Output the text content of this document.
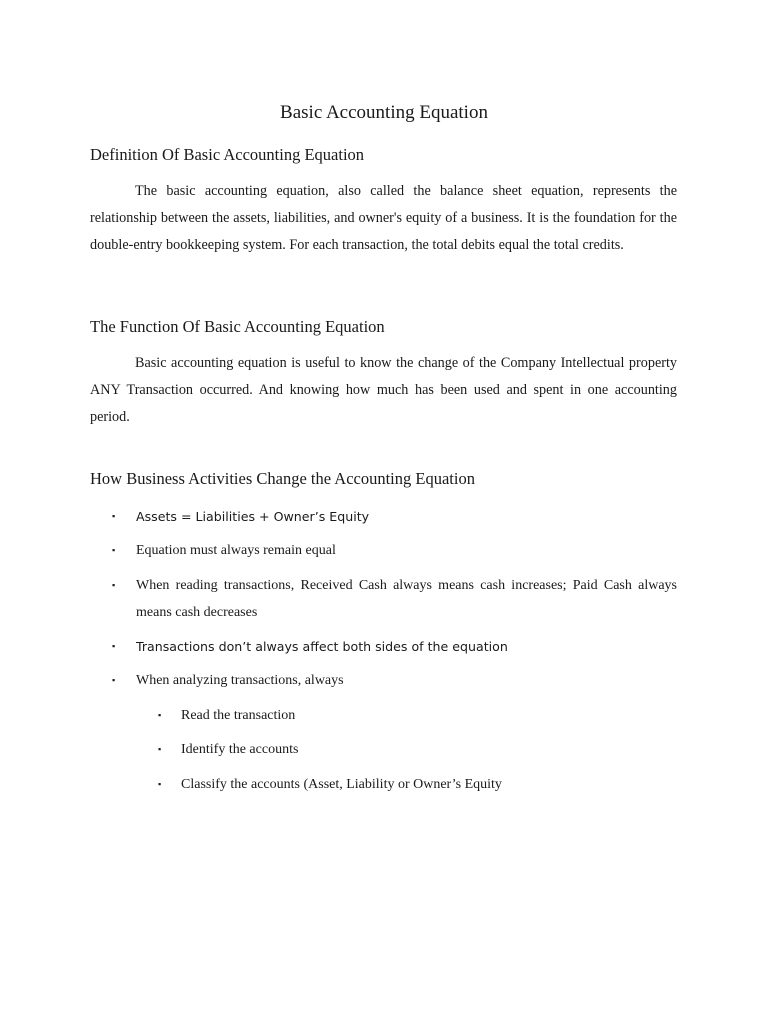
Basic Accounting Equation
Definition Of Basic Accounting Equation

The basic accounting equation, also called the balance sheet equation, represents the relationship between the assets, liabilities, and owner's equity of a business. It is the foundation for the double-entry bookkeeping system. For each transaction, the total debits equal the total credits.

The Function Of Basic Accounting Equation

Basic accounting equation is useful to know the change of the Company Intellectual property ANY Transaction occurred. And knowing how much has been used and spent in one accounting period.

How Business Activities Change the Accounting Equation
▪ Assets = Liabilities + Owner’s Equity
▪ Equation must always remain equal
▪ When reading transactions, Received Cash always means cash increases; Paid Cash always means cash decreases
▪ Transactions don’t always affect both sides of the equation
▪ When analyzing transactions, always
▪ Read the transaction
▪ Identify the accounts
▪ Classify the accounts (Asset, Liability or Owner’s Equity
